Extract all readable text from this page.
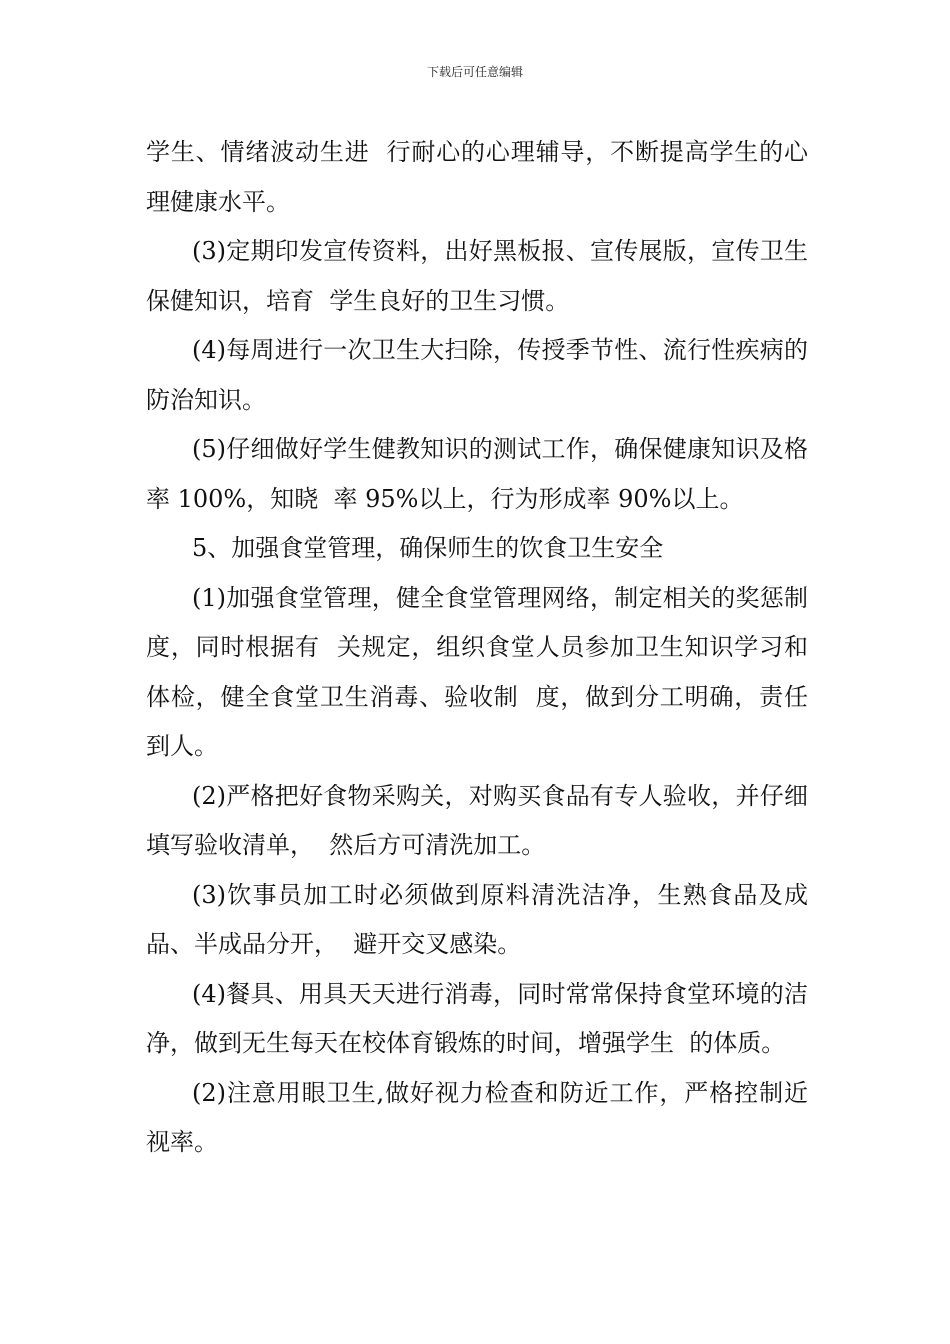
下载后可任意编辑

学生、情绪波动生进  行耐心的心理辅导，不断提高学生的心理健康水平。

(3)定期印发宣传资料，出好黑板报、宣传展版，宣传卫生保健知识，培育  学生良好的卫生习惯。

(4)每周进行一次卫生大扫除，传授季节性、流行性疾病的防治知识。

(5)仔细做好学生健教知识的测试工作，确保健康知识及格率 100%，知晓  率 95%以上，行为形成率 90%以上。

5、加强食堂管理，确保师生的饮食卫生安全

(1)加强食堂管理，健全食堂管理网络，制定相关的奖惩制度，同时根据有  关规定，组织食堂人员参加卫生知识学习和体检，健全食堂卫生消毒、验收制  度，做到分工明确，责任到人。

(2)严格把好食物采购关，对购买食品有专人验收，并仔细填写验收清单，  然后方可清洗加工。

(3)饮事员加工时必须做到原料清洗洁净，生熟食品及成品、半成品分开，  避开交叉感染。

(4)餐具、用具天天进行消毒，同时常常保持食堂环境的洁净，做到无生每天在校体育锻炼的时间，增强学生  的体质。

(2)注意用眼卫生,做好视力检查和防近工作，严格控制近视率。
